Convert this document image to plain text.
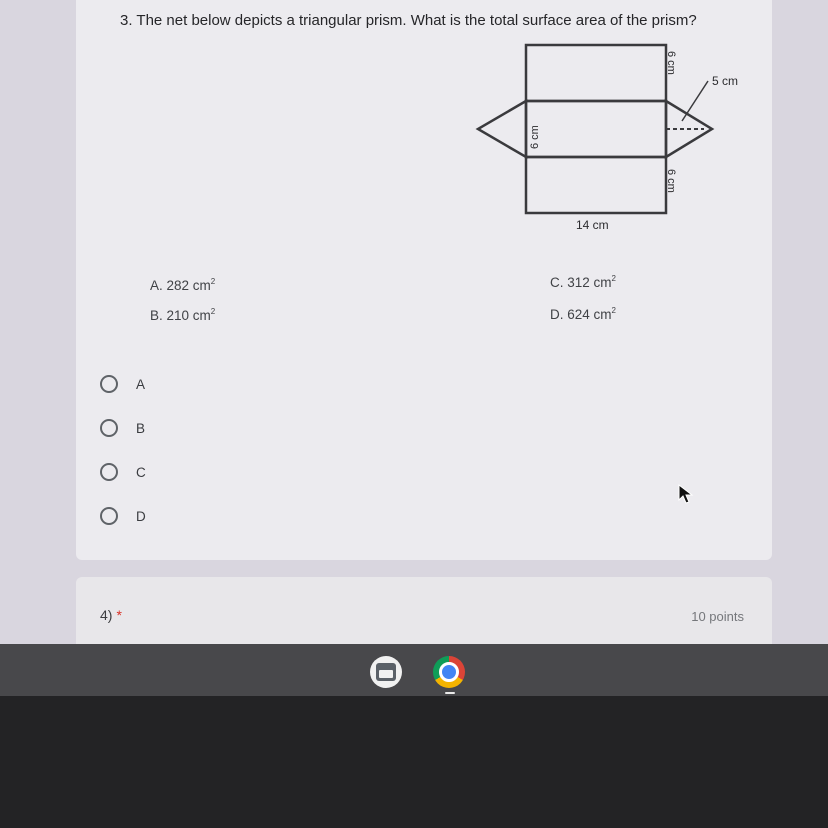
3. The net below depicts a triangular prism. What is the total surface area of the prism?

6 cm
5 cm
6 cm
6 cm
14 cm
A. 282 $cm^2$
B. 210 $cm^2$
C. 312 $cm^2$
D. 624 $cm^2$
A
B
C
D
4) *	10 points
